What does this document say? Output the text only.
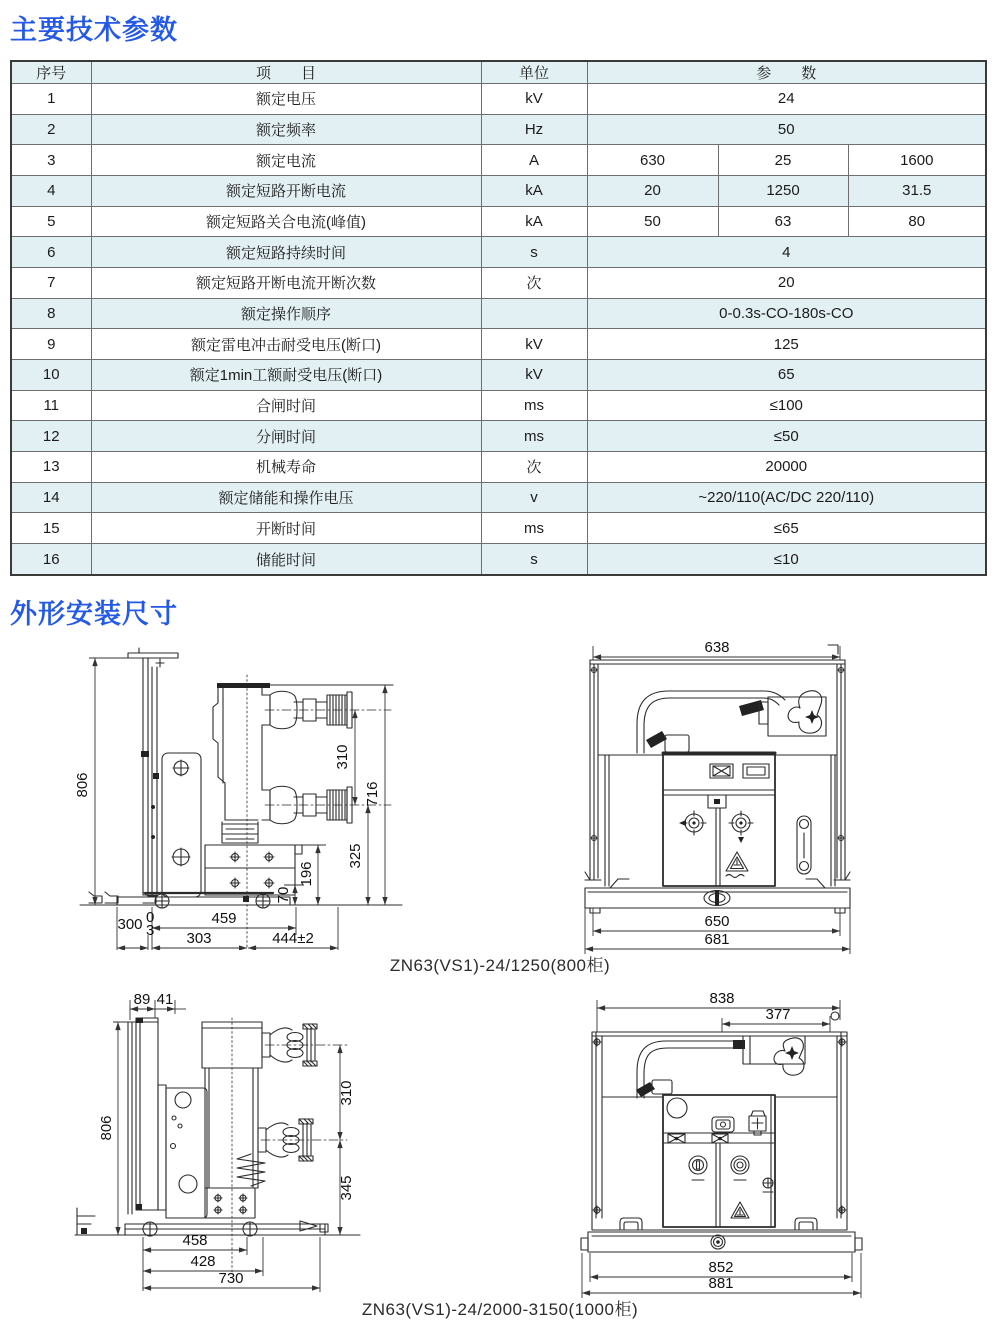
主要技术参数
序号	项　　目	单位	参　　数		
1	额定电压	kV	24		
2	额定频率	Hz	50		
3	额定电流	A	630	25	1600
4	额定短路开断电流	kA	20	1250	31.5
5	额定短路关合电流(峰值)	kA	50	63	80
6	额定短路持续时间	s	4		
7	额定短路开断电流开断次数	次	20		
8	额定操作顺序		0-0.3s-CO-180s-CO		
9	额定雷电冲击耐受电压(断口)	kV	125		
10	额定1min工额耐受电压(断口)	kV	65		
11	合闸时间	ms	≤100		
12	分闸时间	ms	≤50		
13	机械寿命	次	20000		
14	额定储能和操作电压	v	~220/110(AC/DC 220/110)		
15	开断时间	ms	≤65		
16	储能时间	s	≤10		
外形安装尺寸
806
310
325
716
196
70
459
300 0
3 303	444±2
638
650
681
ZN63(VS1)-24/1250(800柜)
89 41
806
310
345
458
428
730
838
377
852
881
ZN63(VS1)-24/2000-3150(1000柜)
